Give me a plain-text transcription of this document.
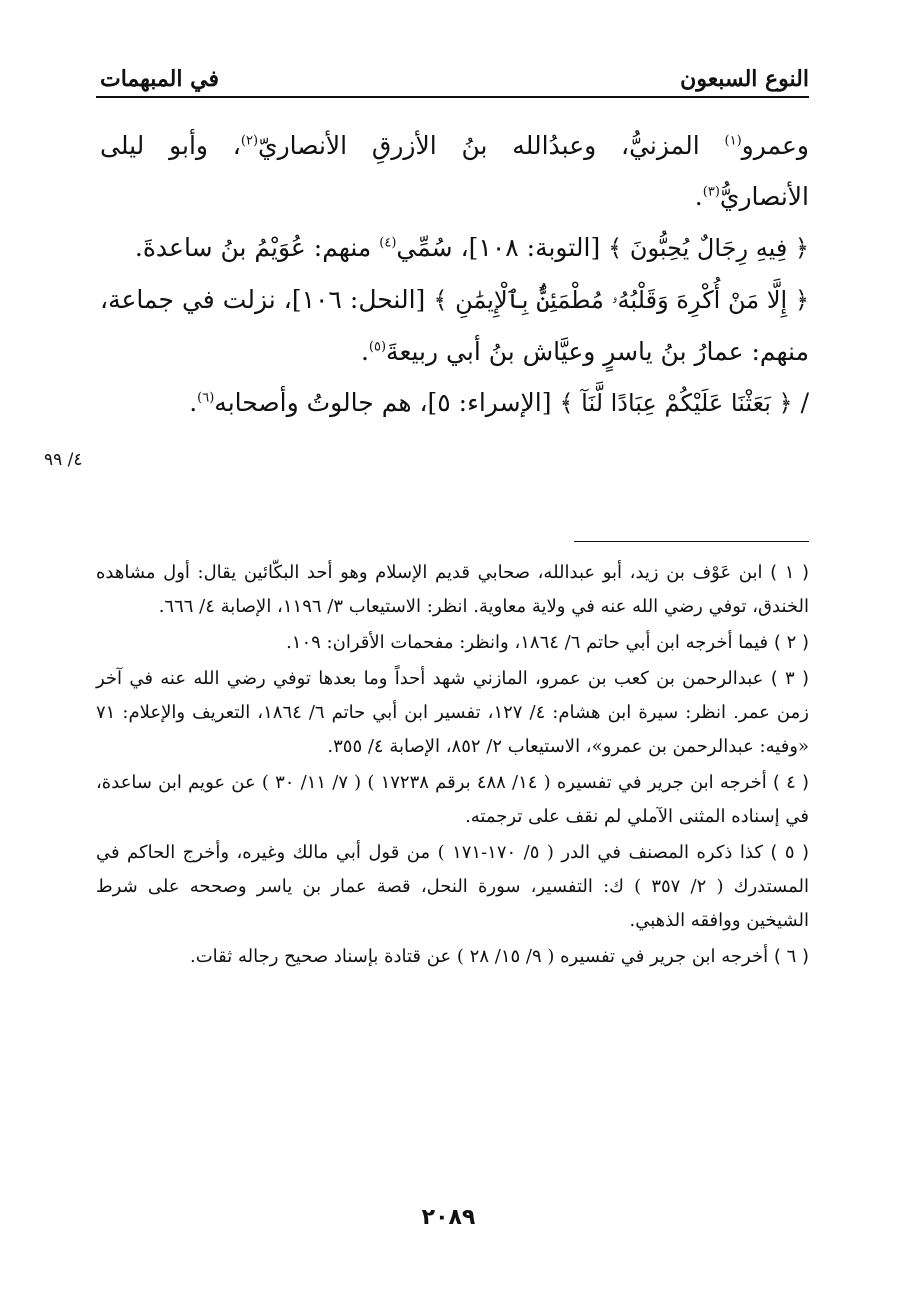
النوع السبعون
في المبهمات

وعمرو$^{(١)}$ المزنيُّ، وعبدُالله بنُ الأزرقِ الأنصاريّ$^{(٢)}$، وأبو ليلى الأنصاريُّ$^{(٣)}$.

﴿ فِيهِ رِجَالٌ يُحِبُّونَ ﴾ [التوبة: ١٠٨]، سُمِّي$^{(٤)}$ منهم: عُوَيْمُ بنُ ساعدةَ.

﴿ إِلَّا مَنْ أُكْرِهَ وَقَلْبُهُۥ مُطْمَئِنٌّۢ بِٱلْإِيمَٰنِ ﴾ [النحل: ١٠٦]، نزلت في جماعة، منهم: عمارُ بنُ ياسرٍ وعيَّاش بنُ أبي ربيعةَ$^{(٥)}$.

/ ﴿ بَعَثْنَا عَلَيْكُمْ عِبَادًا لَّنَآ ﴾ [الإسراء: ٥]، هم جالوتُ وأصحابه$^{(٦)}$.

٤/ ٩٩

( ١ ) ابن عَوْف بن زيد، أبو عبدالله، صحابي قديم الإسلام وهو أحد البكّائين يقال: أول مشاهده الخندق، توفي رضي الله عنه في ولاية معاوية. انظر: الاستيعاب ٣/ ١١٩٦، الإصابة ٤/ ٦٦٦.

( ٢ ) فيما أخرجه ابن أبي حاتم ٦/ ١٨٦٤، وانظر: مفحمات الأقران: ١٠٩.

( ٣ ) عبدالرحمن بن كعب بن عمرو، المازني شهد أحداً وما بعدها توفي رضي الله عنه في آخر زمن عمر. انظر: سيرة ابن هشام: ٤/ ١٢٧، تفسير ابن أبي حاتم ٦/ ١٨٦٤، التعريف والإعلام: ٧١ «وفيه: عبدالرحمن بن عمرو»، الاستيعاب ٢/ ٨٥٢، الإصابة ٤/ ٣٥٥.

( ٤ ) أخرجه ابن جرير في تفسيره ( ١٤/ ٤٨٨ برقم ١٧٢٣٨ ) ( ٧/ ١١/ ٣٠ ) عن عويم ابن ساعدة، في إسناده المثنى الآملي لم نقف على ترجمته.

( ٥ ) كذا ذكره المصنف في الدر ( ٥/ ١٧٠-١٧١ ) من قول أبي مالك وغيره، وأخرج الحاكم في المستدرك ( ٢/ ٣٥٧ ) ك: التفسير، سورة النحل، قصة عمار بن ياسر وصححه على شرط الشيخين ووافقه الذهبي.

( ٦ ) أخرجه ابن جرير في تفسيره ( ٩/ ١٥/ ٢٨ ) عن قتادة بإسناد صحيح رجاله ثقات.

٢٠٨٩
